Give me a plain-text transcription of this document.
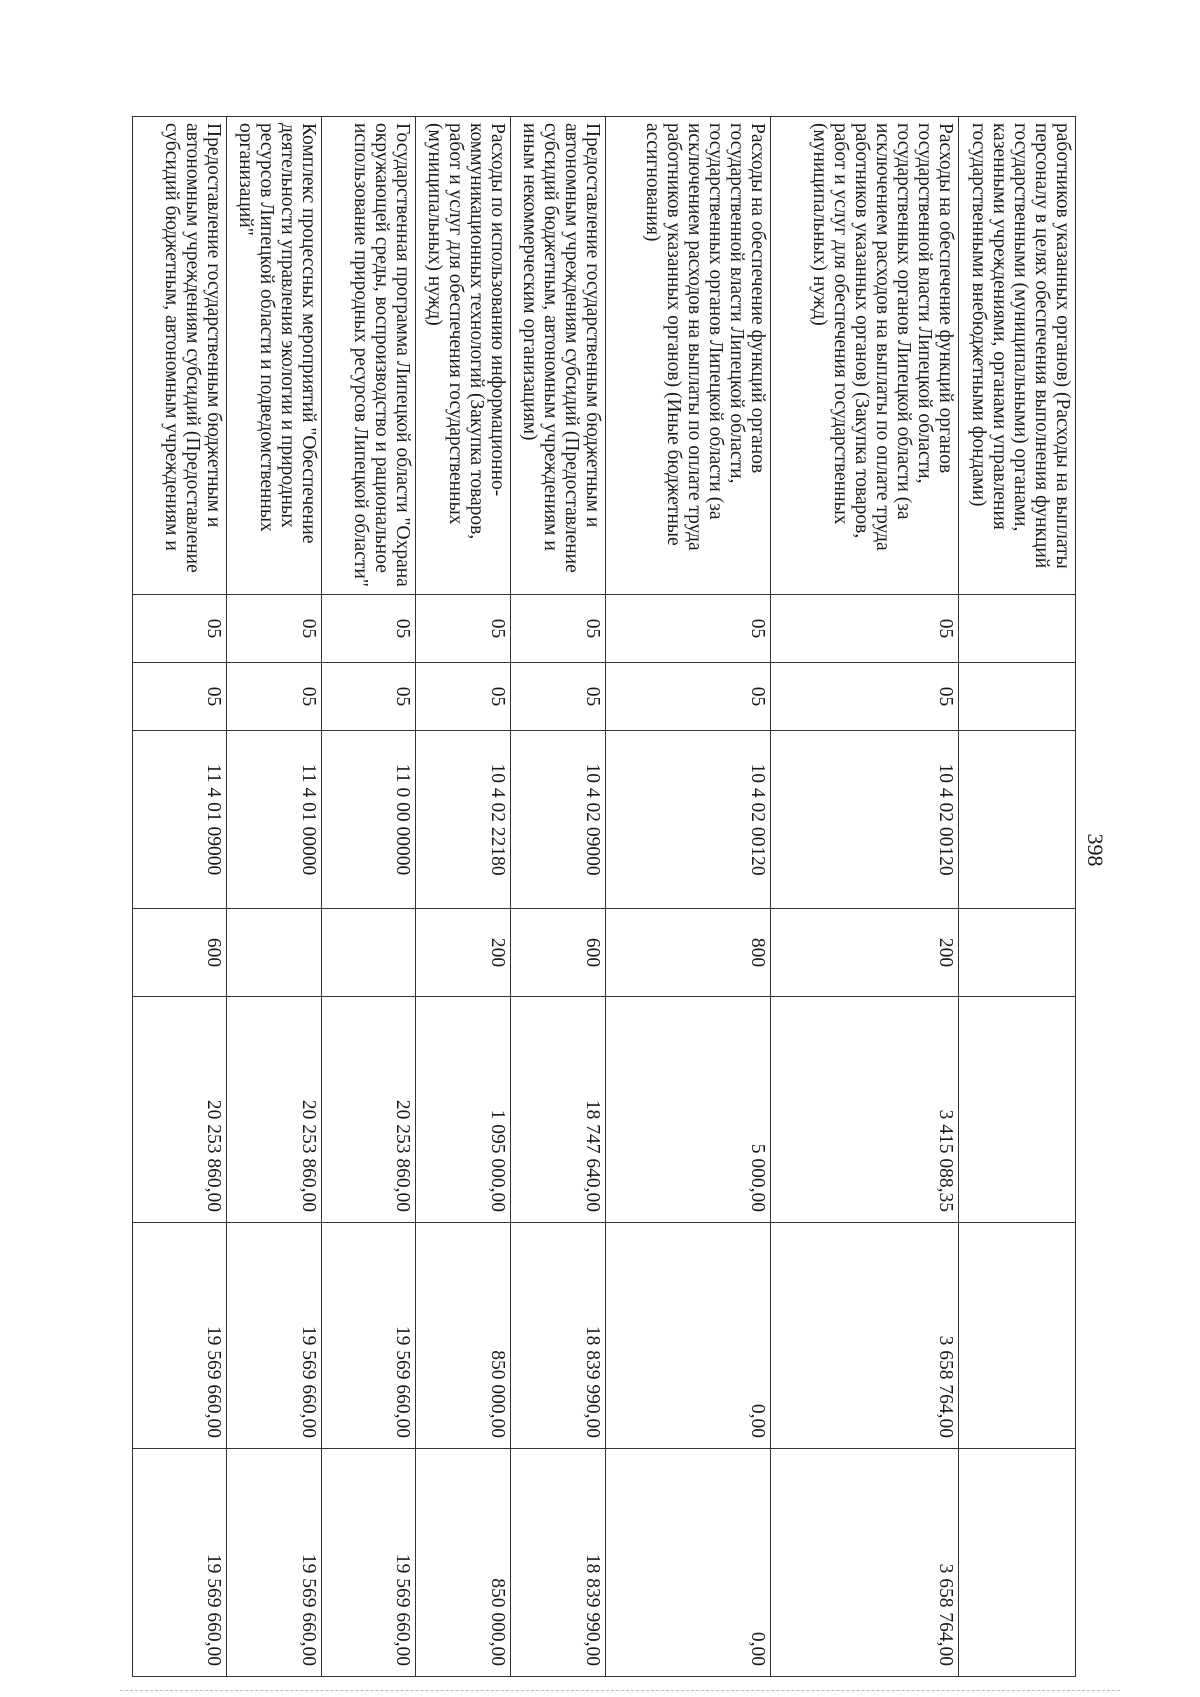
398
работников указанных органов) (Расходы на выплаты персоналу в целях обеспечения выполнения функций государственными (муниципальными) органами, казенными учреждениями, органами управления государственными внебюджетными фондами)							
Расходы на обеспечение функций органов государственной власти Липецкой области, государственных органов Липецкой области (за исключением расходов на выплаты по оплате труда работников указанных органов) (Закупка товаров, работ и услуг для обеспечения государственных (муниципальных) нужд)	05	05	10 4 02 00120	200	3 415 088,35	3 658 764,00	3 658 764,00
Расходы на обеспечение функций органов государственной власти Липецкой области, государственных органов Липецкой области (за исключением расходов на выплаты по оплате труда работников указанных органов) (Иные бюджетные ассигнования)	05	05	10 4 02 00120	800	5 000,00	0,00	0,00
Предоставление государственным бюджетным и автономным учреждениям субсидий (Предоставление субсидий бюджетным, автономным учреждениям и иным некоммерческим организациям)	05	05	10 4 02 09000	600	18 747 640,00	18 839 990,00	18 839 990,00
Расходы по использованию информационно-коммуникационных технологий (Закупка товаров, работ и услуг для обеспечения государственных (муниципальных) нужд)	05	05	10 4 02 22180	200	1 095 000,00	850 000,00	850 000,00
Государственная программа Липецкой области "Охрана окружающей среды, воспроизводство и рациональное использование природных ресурсов Липецкой области"	05	05	11 0 00 00000		20 253 860,00	19 569 660,00	19 569 660,00
Комплекс процессных мероприятий "Обеспечение деятельности управления экологии и природных ресурсов Липецкой области и подведомственных организаций"	05	05	11 4 01 00000		20 253 860,00	19 569 660,00	19 569 660,00
Предоставление государственным бюджетным и автономным учреждениям субсидий (Предоставление субсидий бюджетным, автономным учреждениям и	05	05	11 4 01 09000	600	20 253 860,00	19 569 660,00	19 569 660,00
